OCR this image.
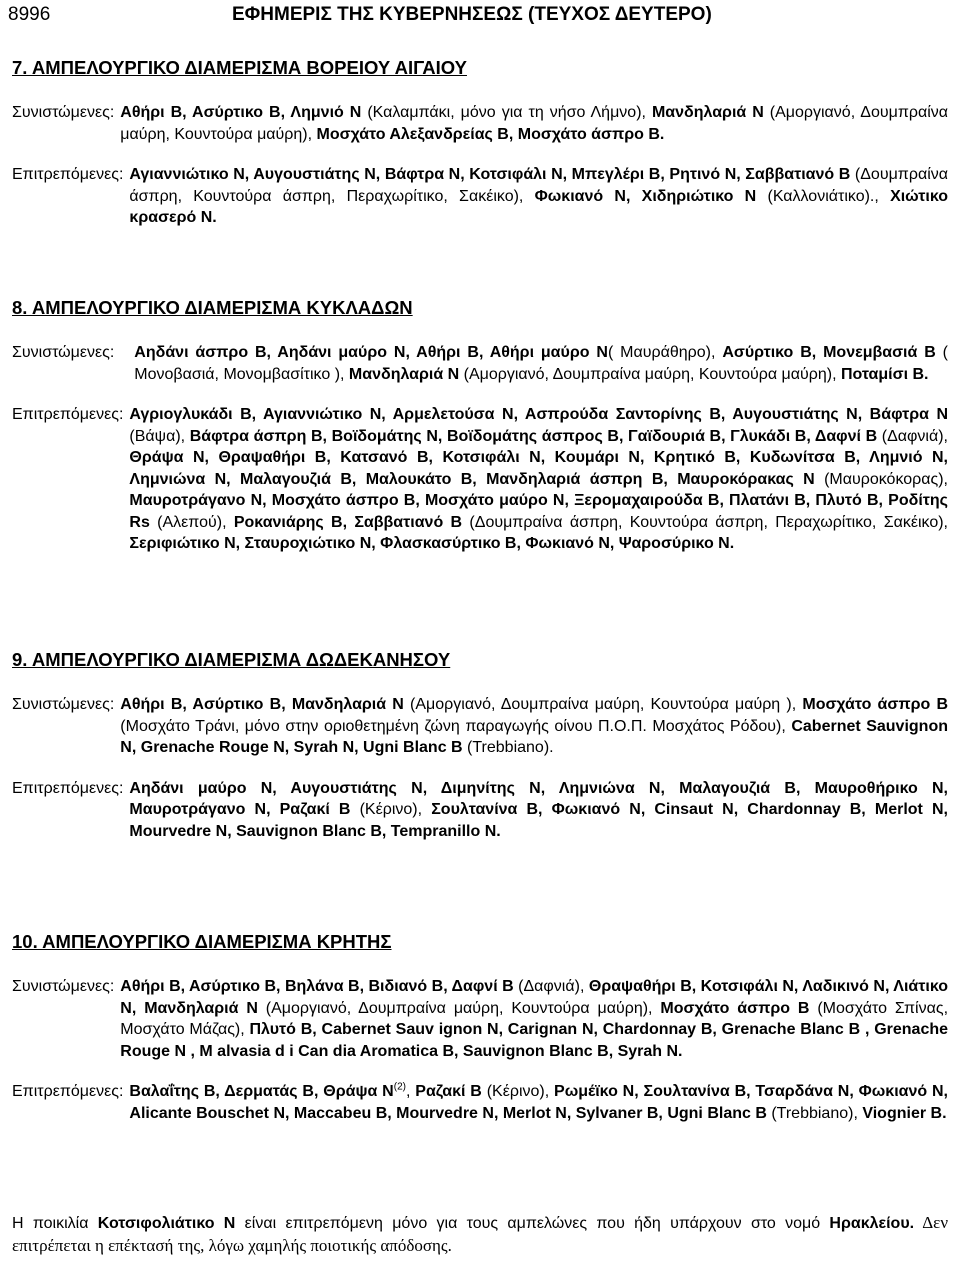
8996	ΕΦΗΜΕΡΙΣ ΤΗΣ ΚΥΒΕΡΝΗΣΕΩΣ (ΤΕΥΧΟΣ ΔΕΥΤΕΡΟ)
7. ΑΜΠΕΛΟΥΡΓΙΚΟ ΔΙΑΜΕΡΙΣΜΑ ΒΟΡΕΙΟΥ ΑΙΓΑΙΟΥ
Συνιστώμενες: Αθήρι Β, Ασύρτικο Β, Λημνιό Ν (Καλαμπάκι, μόνο για τη νήσο Λήμνο), Μανδηλαριά Ν (Αμοργιανό, Δουμπραίνα μαύρη, Κουντούρα μαύρη), Μοσχάτο Αλεξανδρείας Β, Μοσχάτο άσπρο Β.
Επιτρεπόμενες: Αγιαννιώτικο Ν, Αυγουστιάτης Ν, Βάφτρα Ν, Κοτσιφάλι Ν, Μπεγλέρι Β, Ρητινό Ν, Σαββατιανό Β (Δουμπραίνα άσπρη, Κουντούρα άσπρη, Περαχωρίτικο, Σακέικο), Φωκιανό Ν, Χιδηριώτικο Ν (Καλλονιάτικο)., Χιώτικο κρασερό Ν.
8. ΑΜΠΕΛΟΥΡΓΙΚΟ ΔΙΑΜΕΡΙΣΜΑ ΚΥΚΛΑΔΩΝ
Συνιστώμενες:	Αηδάνι άσπρο Β, Αηδάνι μαύρο Ν, Αθήρι Β, Αθήρι μαύρο Ν( Μαυράθηρο), Ασύρτικο Β, Μονεμβασιά Β ( Μονοβασιά, Μονομβασίτικο ), Μανδηλαριά Ν (Αμοργιανό, Δουμπραίνα μαύρη, Κουντούρα μαύρη), Ποταμίσι Β.
Επιτρεπόμενες: Αγριογλυκάδι Β, Αγιαννιώτικο Ν, Αρμελετούσα Ν, Ασπρούδα Σαντορίνης Β, Αυγουστιάτης Ν, Βάφτρα Ν (Βάψα), Βάφτρα άσπρη Β, Βοϊδομάτης Ν, Βοϊδομάτης άσπρος Β, Γαϊδουριά Β, Γλυκάδι Β, Δαφνί Β (Δαφνιά), Θράψα Ν, Θραψαθήρι Β, Κατσανό Β, Κοτσιφάλι Ν, Κουμάρι Ν, Κρητικό Β, Κυδωνίτσα Β, Λημνιό Ν, Λημνιώνα Ν, Μαλαγουζιά Β, Μαλουκάτο Β, Μανδηλαριά άσπρη Β, Μαυροκόρακας Ν (Μαυροκόκορας), Μαυροτράγανο Ν, Μοσχάτο άσπρο Β, Μοσχάτο μαύρο Ν, Ξερομαχαιρούδα Β, Πλατάνι Β, Πλυτό Β, Ροδίτης Rs (Αλεπού), Ροκανιάρης Β, Σαββατιανό Β (Δουμπραίνα άσπρη, Κουντούρα άσπρη, Περαχωρίτικο, Σακέικο), Σεριφιώτικο Ν, Σταυροχιώτικο Ν, Φλασκασύρτικο Β, Φωκιανό Ν, Ψαροσύρικο Ν.
9. ΑΜΠΕΛΟΥΡΓΙΚΟ ΔΙΑΜΕΡΙΣΜΑ ΔΩΔΕΚΑΝΗΣΟΥ
Συνιστώμενες: Αθήρι Β, Ασύρτικο Β, Μανδηλαριά Ν (Αμοργιανό, Δουμπραίνα μαύρη, Κουντούρα μαύρη ), Μοσχάτο άσπρο Β (Μοσχάτο Τράνι, μόνο στην οριοθετημένη ζώνη παραγωγής οίνου Π.Ο.Π. Μοσχάτος Ρόδου), Cabernet Sauvignon N, Grenache Rouge N, Syrah N, Ugni Blanc B (Trebbiano).
Επιτρεπόμενες: Αηδάνι μαύρο Ν, Αυγουστιάτης Ν, Διμηνίτης Ν, Λημνιώνα Ν, Μαλαγουζιά Β, Μαυροθήρικο Ν, Μαυροτράγανο Ν, Ραζακί Β (Κέρινο), Σουλτανίνα Β, Φωκιανό Ν, Cinsaut N, Chardonnay B, Merlot N, Mourvedre N, Sauvignon Blanc B, Tempranillo N.
10. ΑΜΠΕΛΟΥΡΓΙΚΟ ΔΙΑΜΕΡΙΣΜΑ ΚΡΗΤΗΣ
Συνιστώμενες: Αθήρι Β, Ασύρτικο Β, Βηλάνα Β, Βιδιανό Β, Δαφνί Β (Δαφνιά), Θραψαθήρι Β, Κοτσιφάλι Ν, Λαδικινό Ν, Λιάτικο Ν, Μανδηλαριά Ν (Αμοργιανό, Δουμπραίνα μαύρη, Κουντούρα μαύρη), Μοσχάτο άσπρο Β (Μοσχάτο Σπίνας, Μοσχάτο Μάζας), Πλυτό Β, Cabernet Sauv ignon N, Carignan N, Chardonnay B, Grenache Blanc B , Grenache Rouge N , M alvasia d i Can dia Aromatica B, Sauvignon Blanc B, Syrah N.
Επιτρεπόμενες: Βαλαΐτης Β, Δερματάς Β, Θράψα $N^{(2)}$, Ραζακί Β (Κέρινο), Ρωμέϊκο Ν, Σουλτανίνα Β, Τσαρδάνα Ν, Φωκιανό Ν, Alicante Bouschet N, Maccabeu B, Mourvedre N, Merlot N, Sylvaner B, Ugni Blanc B (Trebbiano), Viognier B.
Η ποικιλία Κοτσιφολιάτικο Ν είναι επιτρεπόμενη μόνο για τους αμπελώνες που ήδη υπάρχουν στο νομό Ηρακλείου. Δεν επιτρέπεται η επέκτασή της, λόγω χαμηλής ποιοτικής απόδοσης.
